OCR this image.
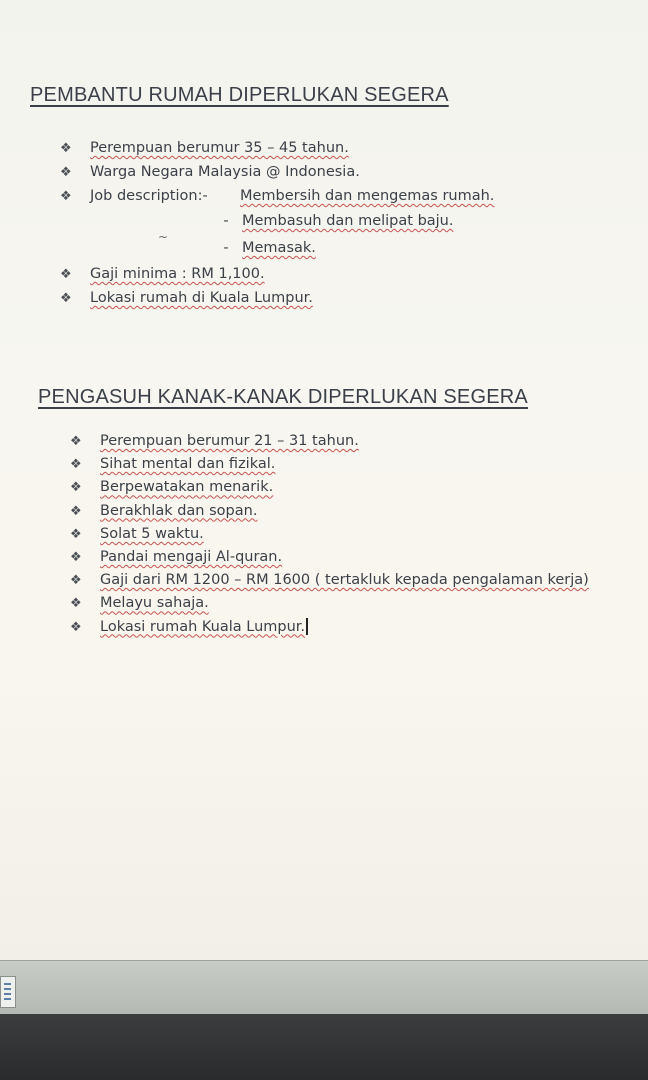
PEMBANTU RUMAH DIPERLUKAN SEGERA
❖ Perempuan berumur 35 – 45 tahun.
❖ Warga Negara Malaysia @ Indonesia.
❖ Job description:- Membersih dan mengemas rumah.
- Membasuh dan melipat baju.
- Memasak.
❖ Gaji minima : RM 1,100.
❖ Lokasi rumah di Kuala Lumpur.
~
PENGASUH KANAK-KANAK DIPERLUKAN SEGERA
❖ Perempuan berumur 21 – 31 tahun.
❖ Sihat mental dan fizikal.
❖ Berpewatakan menarik.
❖ Berakhlak dan sopan.
❖ Solat 5 waktu.
❖ Pandai mengaji Al-quran.
❖ Gaji dari RM 1200 – RM 1600 ( tertakluk kepada pengalaman kerja)
❖ Melayu sahaja.
❖ Lokasi rumah Kuala Lumpur.
